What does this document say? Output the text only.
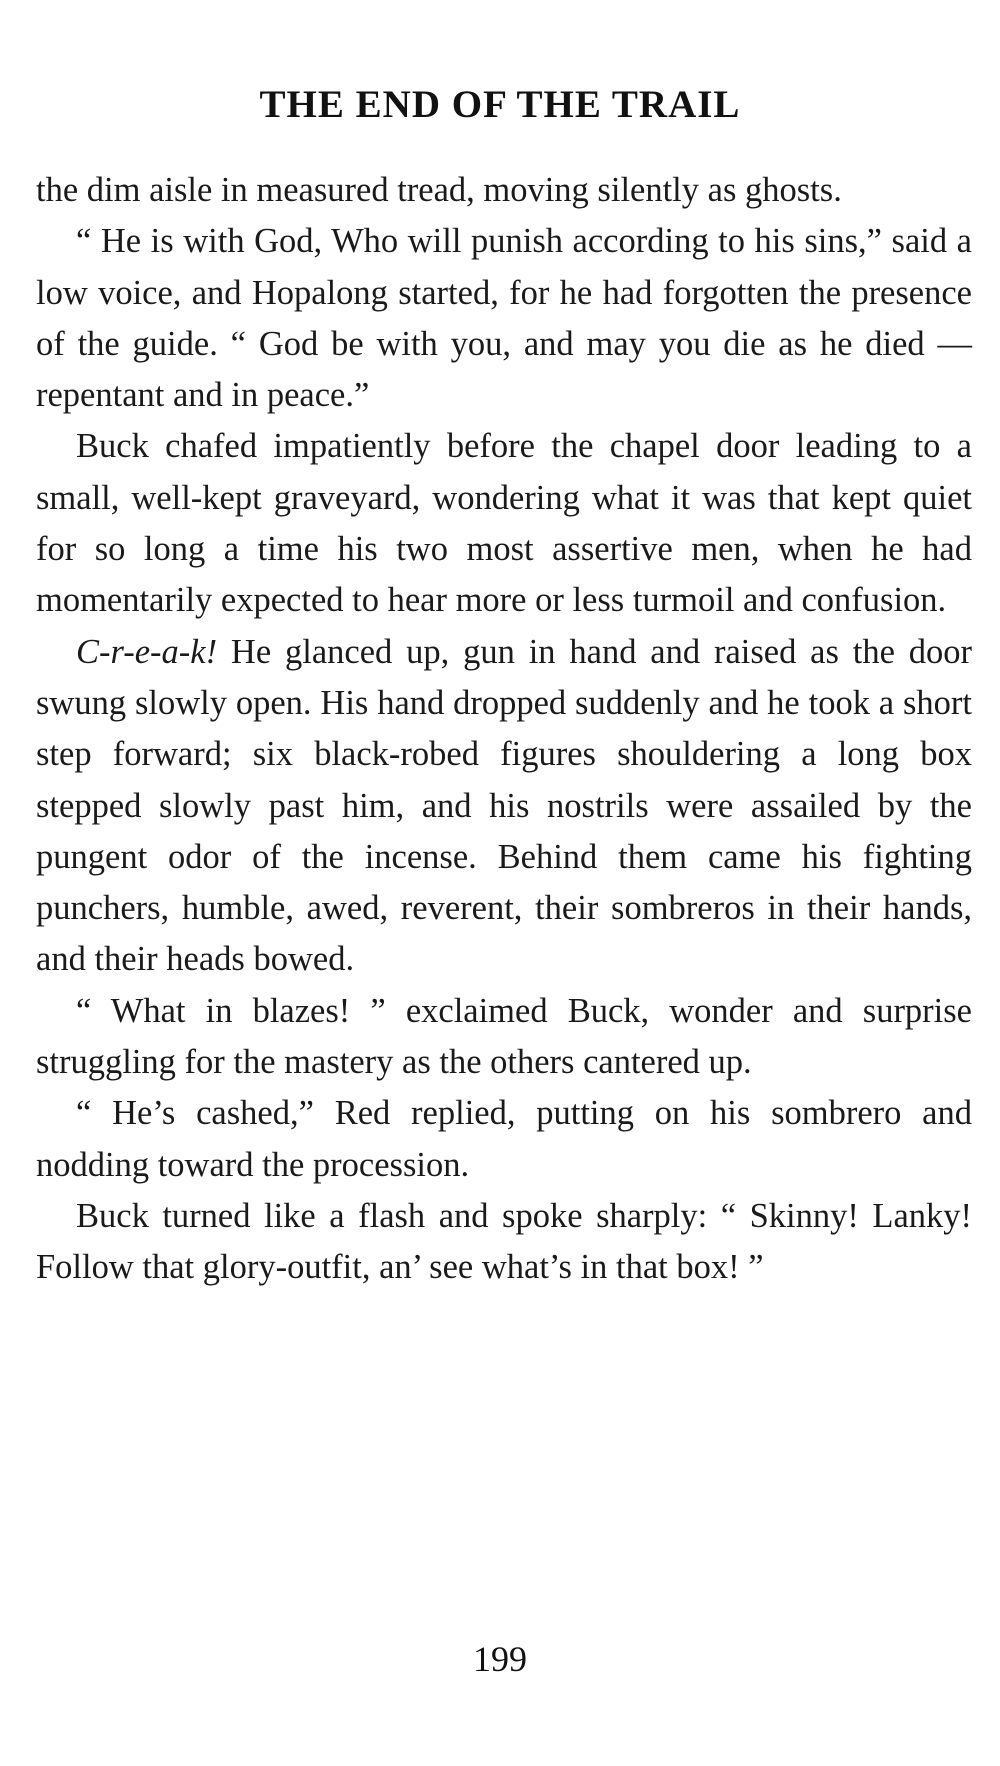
THE END OF THE TRAIL

the dim aisle in measured tread, moving silently as ghosts.

“ He is with God, Who will punish according to his sins,” said a low voice, and Hopalong started, for he had forgotten the presence of the guide. “ God be with you, and may you die as he died — repentant and in peace.”

Buck chafed impatiently before the chapel door leading to a small, well-kept graveyard, wondering what it was that kept quiet for so long a time his two most assertive men, when he had momentarily expected to hear more or less turmoil and confusion.

C-r-e-a-k! He glanced up, gun in hand and raised as the door swung slowly open. His hand dropped suddenly and he took a short step forward; six black-robed figures shouldering a long box stepped slowly past him, and his nostrils were assailed by the pungent odor of the incense. Behind them came his fighting punchers, humble, awed, reverent, their sombreros in their hands, and their heads bowed.

“ What in blazes! ” exclaimed Buck, wonder and surprise struggling for the mastery as the others cantered up.

“ He’s cashed,” Red replied, putting on his sombrero and nodding toward the procession.

Buck turned like a flash and spoke sharply: “ Skinny! Lanky! Follow that glory-outfit, an’ see what’s in that box! ”

199
